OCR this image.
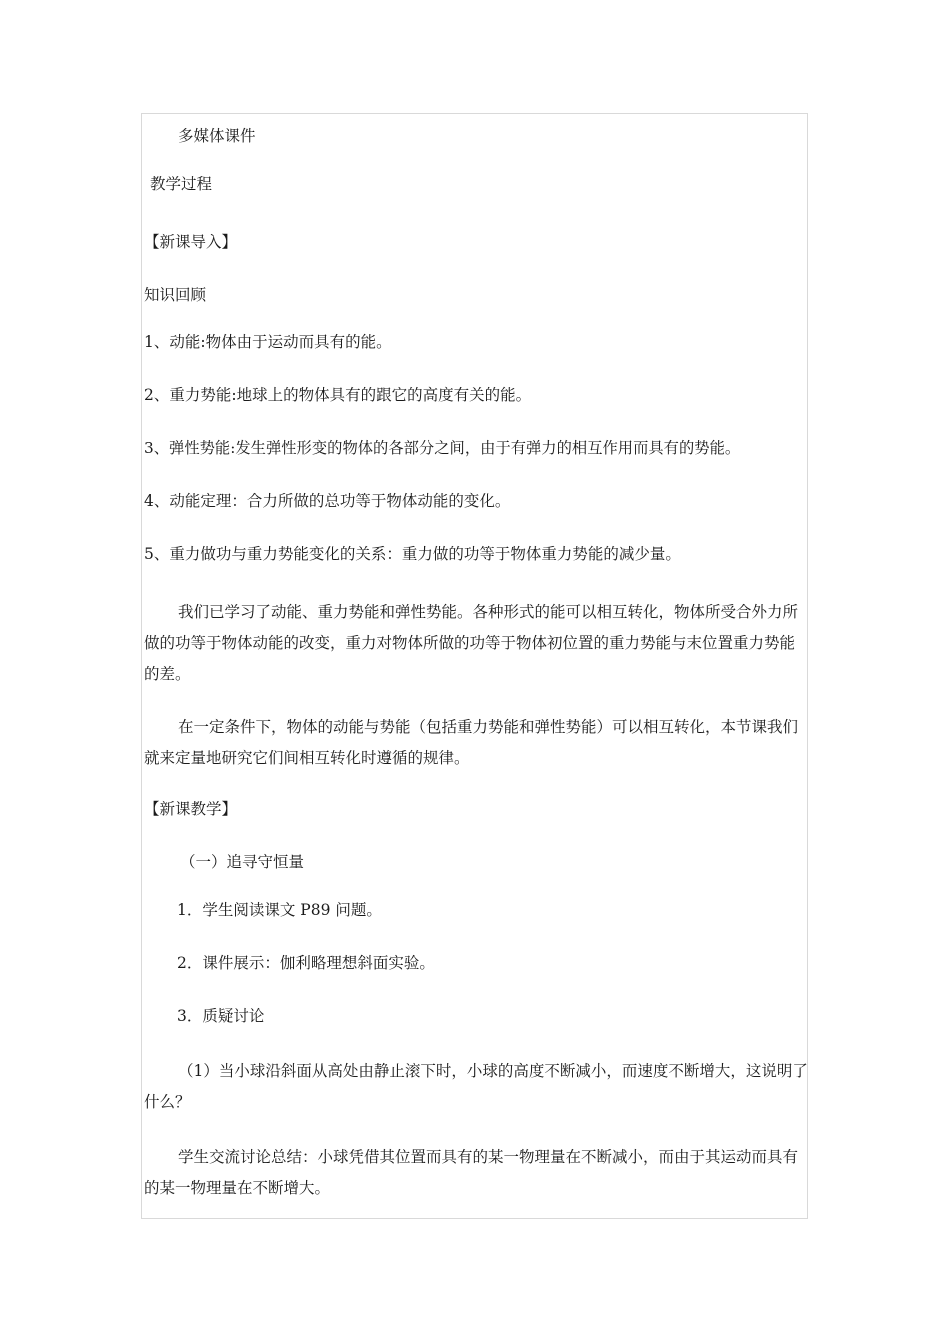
多媒体课件
教学过程
【新课导入】
知识回顾
1、动能:物体由于运动而具有的能。
2、重力势能:地球上的物体具有的跟它的高度有关的能。
3、弹性势能:发生弹性形变的物体的各部分之间，由于有弹力的相互作用而具有的势能。
4、动能定理：合力所做的总功等于物体动能的变化。
5、重力做功与重力势能变化的关系：重力做的功等于物体重力势能的减少量。
我们已学习了动能、重力势能和弹性势能。各种形式的能可以相互转化，物体所受合外力所做的功等于物体动能的改变，重力对物体所做的功等于物体初位置的重力势能与末位置重力势能的差。
在一定条件下，物体的动能与势能（包括重力势能和弹性势能）可以相互转化，本节课我们就来定量地研究它们间相互转化时遵循的规律。
【新课教学】
（一）追寻守恒量
1．学生阅读课文 P89 问题。
2．课件展示：伽利略理想斜面实验。
3．质疑讨论
（1）当小球沿斜面从高处由静止滚下时，小球的高度不断减小，而速度不断增大，这说明了什么？
学生交流讨论总结：小球凭借其位置而具有的某一物理量在不断减小，而由于其运动而具有的某一物理量在不断增大。
